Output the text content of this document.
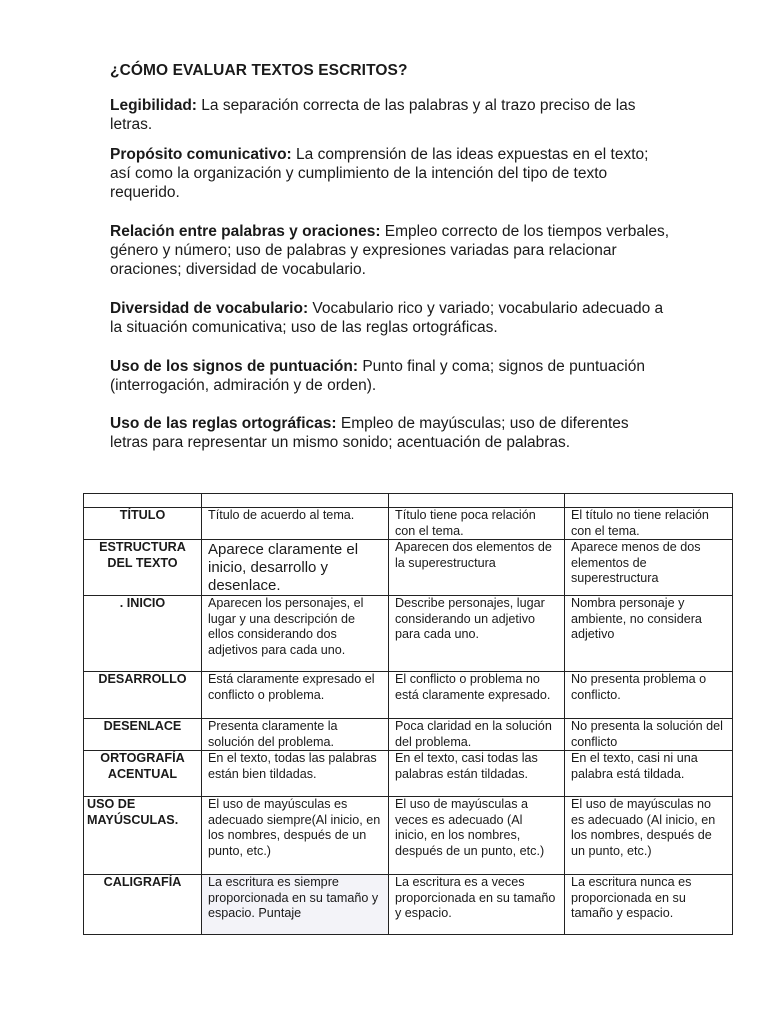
¿CÓMO EVALUAR TEXTOS ESCRITOS?
Legibilidad: La separación correcta de las palabras y al trazo preciso de las letras.
Propósito comunicativo: La comprensión de las ideas expuestas en el texto; así como la organización y cumplimiento de la intención del tipo de texto requerido.
Relación entre palabras y oraciones: Empleo correcto de los tiempos verbales, género y número; uso de palabras y expresiones variadas para relacionar oraciones; diversidad de vocabulario.
Diversidad de vocabulario: Vocabulario rico y variado; vocabulario adecuado a la situación comunicativa; uso de las reglas ortográficas.
Uso de los signos de puntuación: Punto final y coma; signos de puntuación (interrogación, admiración y de orden).
Uso de las reglas ortográficas: Empleo de mayúsculas; uso de diferentes letras para representar un mismo sonido; acentuación de palabras.

TÍTULO	Título de acuerdo al tema.	Título tiene poca relación con el tema.	El título no tiene relación con el tema.
ESTRUCTURA DEL TEXTO	Aparece claramente el inicio, desarrollo y desenlace.	Aparecen dos elementos de la superestructura	Aparece menos de dos elementos de superestructura
. INICIO	Aparecen los personajes, el lugar y una descripción de ellos considerando dos adjetivos para cada uno.	Describe personajes, lugar considerando un adjetivo para cada uno.	Nombra personaje y ambiente, no considera adjetivo
DESARROLLO	Está claramente expresado el conflicto o problema.	El conflicto o problema no está claramente expresado.	No presenta problema o conflicto.
DESENLACE	Presenta claramente la solución del problema.	Poca claridad en la solución del problema.	No presenta la solución del conflicto
ORTOGRAFÍA ACENTUAL	En el texto, todas las palabras están bien tildadas.	En el texto, casi todas las palabras están tildadas.	En el texto, casi ni una palabra está tildada.
USO DE MAYÚSCULAS.	El uso de mayúsculas es adecuado siempre(Al inicio, en los nombres, después de un punto, etc.)	El uso de mayúsculas a veces es adecuado (Al inicio, en los nombres, después de un punto, etc.)	El uso de mayúsculas no es adecuado (Al inicio, en los nombres, después de un punto, etc.)
CALIGRAFÍA	La escritura es siempre proporcionada en su tamaño y espacio. Puntaje	La escritura es a veces proporcionada en su tamaño y espacio.	La escritura nunca es proporcionada en su tamaño y espacio.
